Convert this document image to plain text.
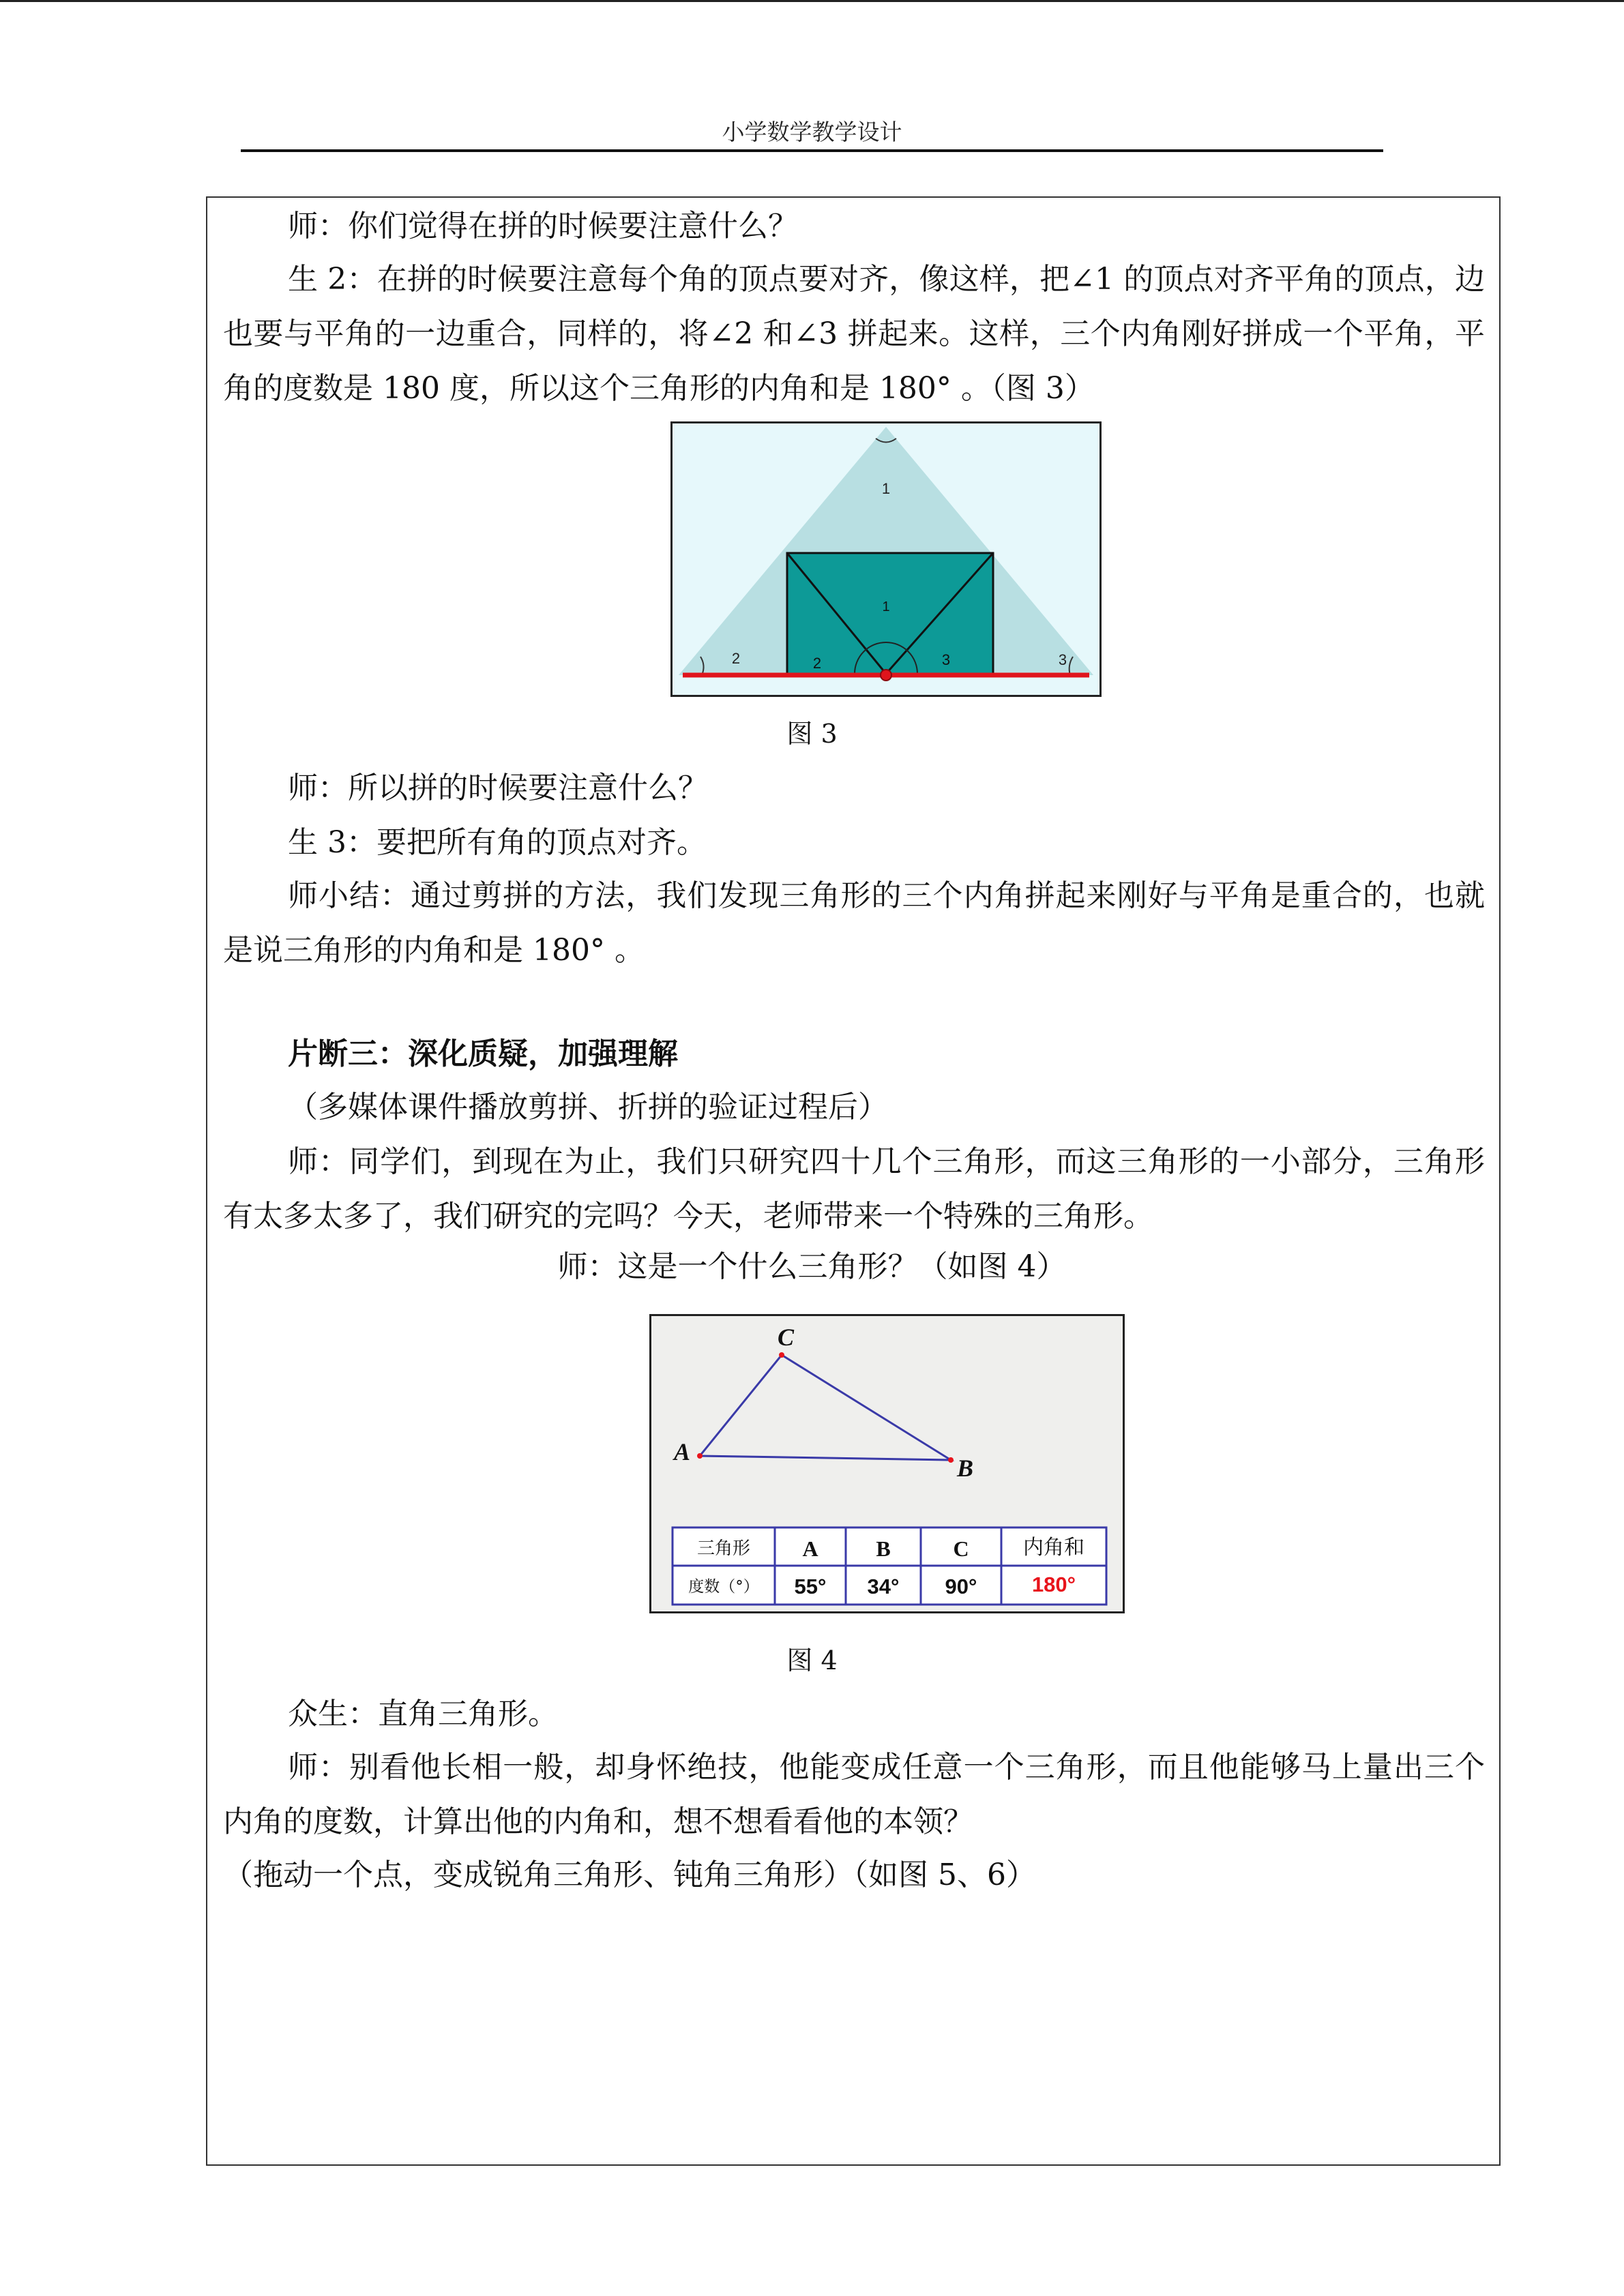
小学数学教学设计

师：你们觉得在拼的时候要注意什么？

生 2：在拼的时候要注意每个角的顶点要对齐，像这样，把∠1 的顶点对齐平角的顶点，边也要与平角的一边重合，同样的，将∠2 和∠3 拼起来。这样，三个内角刚好拼成一个平角，平角的度数是 180 度，所以这个三角形的内角和是 180° 。（图 3）

1
1
2	2	3	3
图 3

师：所以拼的时候要注意什么？

生 3：要把所有角的顶点对齐。

师小结：通过剪拼的方法，我们发现三角形的三个内角拼起来刚好与平角是重合的，也就是说三角形的内角和是 180° 。

片断三：深化质疑，加强理解

（多媒体课件播放剪拼、折拼的验证过程后）

师：同学们，到现在为止，我们只研究四十几个三角形，而这三角形的一小部分，三角形有太多太多了，我们研究的完吗？今天，老师带来一个特殊的三角形。

师：这是一个什么三角形？（如图 4）

C
A
B
三角形 A	B	C	内角和
度数（°） 55° 34° 90°	180°
图 4

众生：直角三角形。

师：别看他长相一般，却身怀绝技，他能变成任意一个三角形，而且他能够马上量出三个内角的度数，计算出他的内角和，想不想看看他的本领？

（拖动一个点，变成锐角三角形、钝角三角形）（如图 5、6）
